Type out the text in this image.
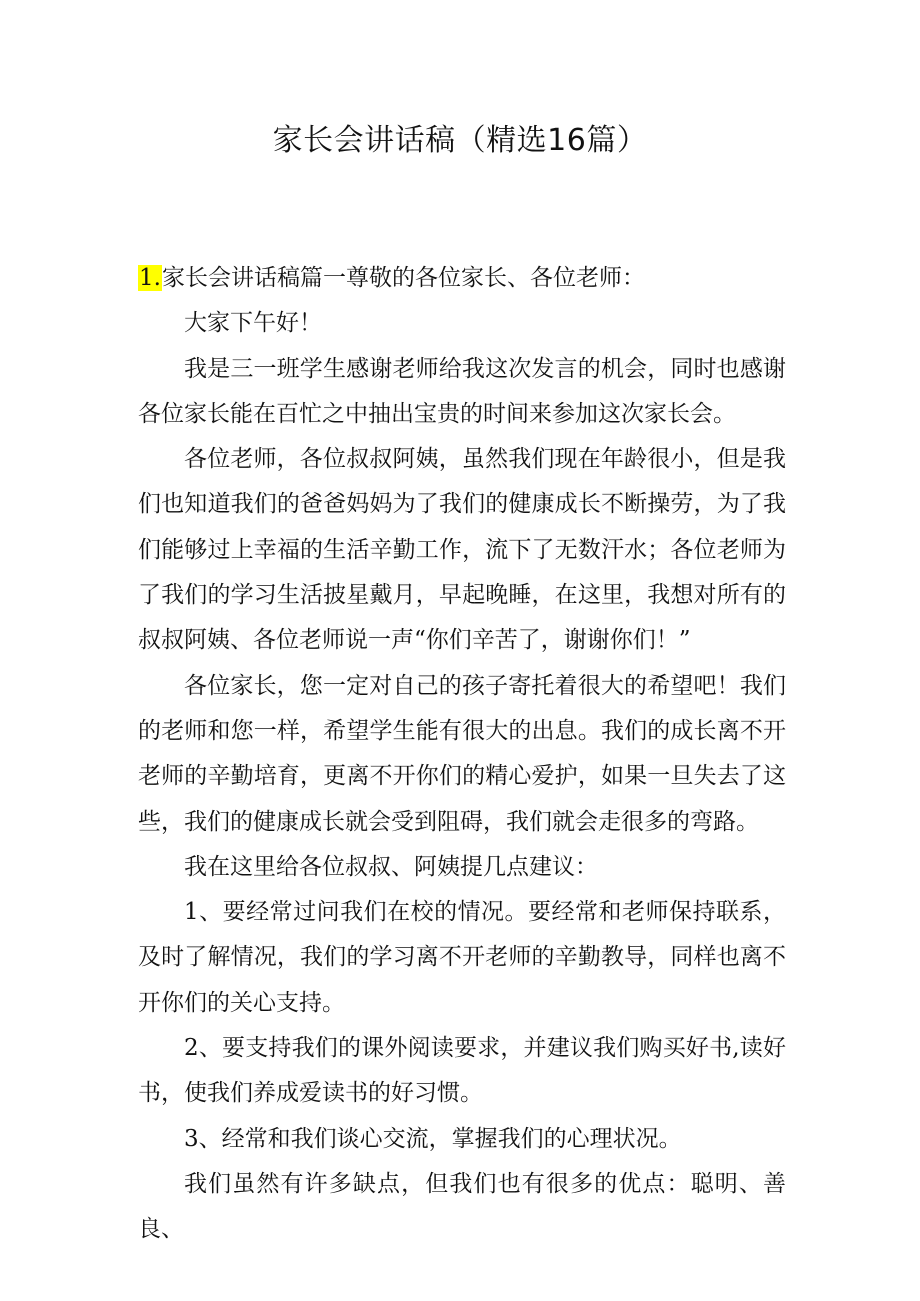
家长会讲话稿（精选16篇）

1.家长会讲话稿篇一尊敬的各位家长、各位老师：

大家下午好！

我是三一班学生感谢老师给我这次发言的机会，同时也感谢各位家长能在百忙之中抽出宝贵的时间来参加这次家长会。

各位老师，各位叔叔阿姨，虽然我们现在年龄很小，但是我们也知道我们的爸爸妈妈为了我们的健康成长不断操劳，为了我们能够过上幸福的生活辛勤工作，流下了无数汗水；各位老师为了我们的学习生活披星戴月，早起晚睡，在这里，我想对所有的叔叔阿姨、各位老师说一声“你们辛苦了，谢谢你们！”

各位家长，您一定对自己的孩子寄托着很大的希望吧！我们的老师和您一样，希望学生能有很大的出息。我们的成长离不开老师的辛勤培育，更离不开你们的精心爱护，如果一旦失去了这些，我们的健康成长就会受到阻碍，我们就会走很多的弯路。

我在这里给各位叔叔、阿姨提几点建议：

1、要经常过问我们在校的情况。要经常和老师保持联系，及时了解情况，我们的学习离不开老师的辛勤教导，同样也离不开你们的关心支持。

2、要支持我们的课外阅读要求，并建议我们购买好书,读好书，使我们养成爱读书的好习惯。

3、经常和我们谈心交流，掌握我们的心理状况。

我们虽然有许多缺点，但我们也有很多的优点：聪明、善良、
